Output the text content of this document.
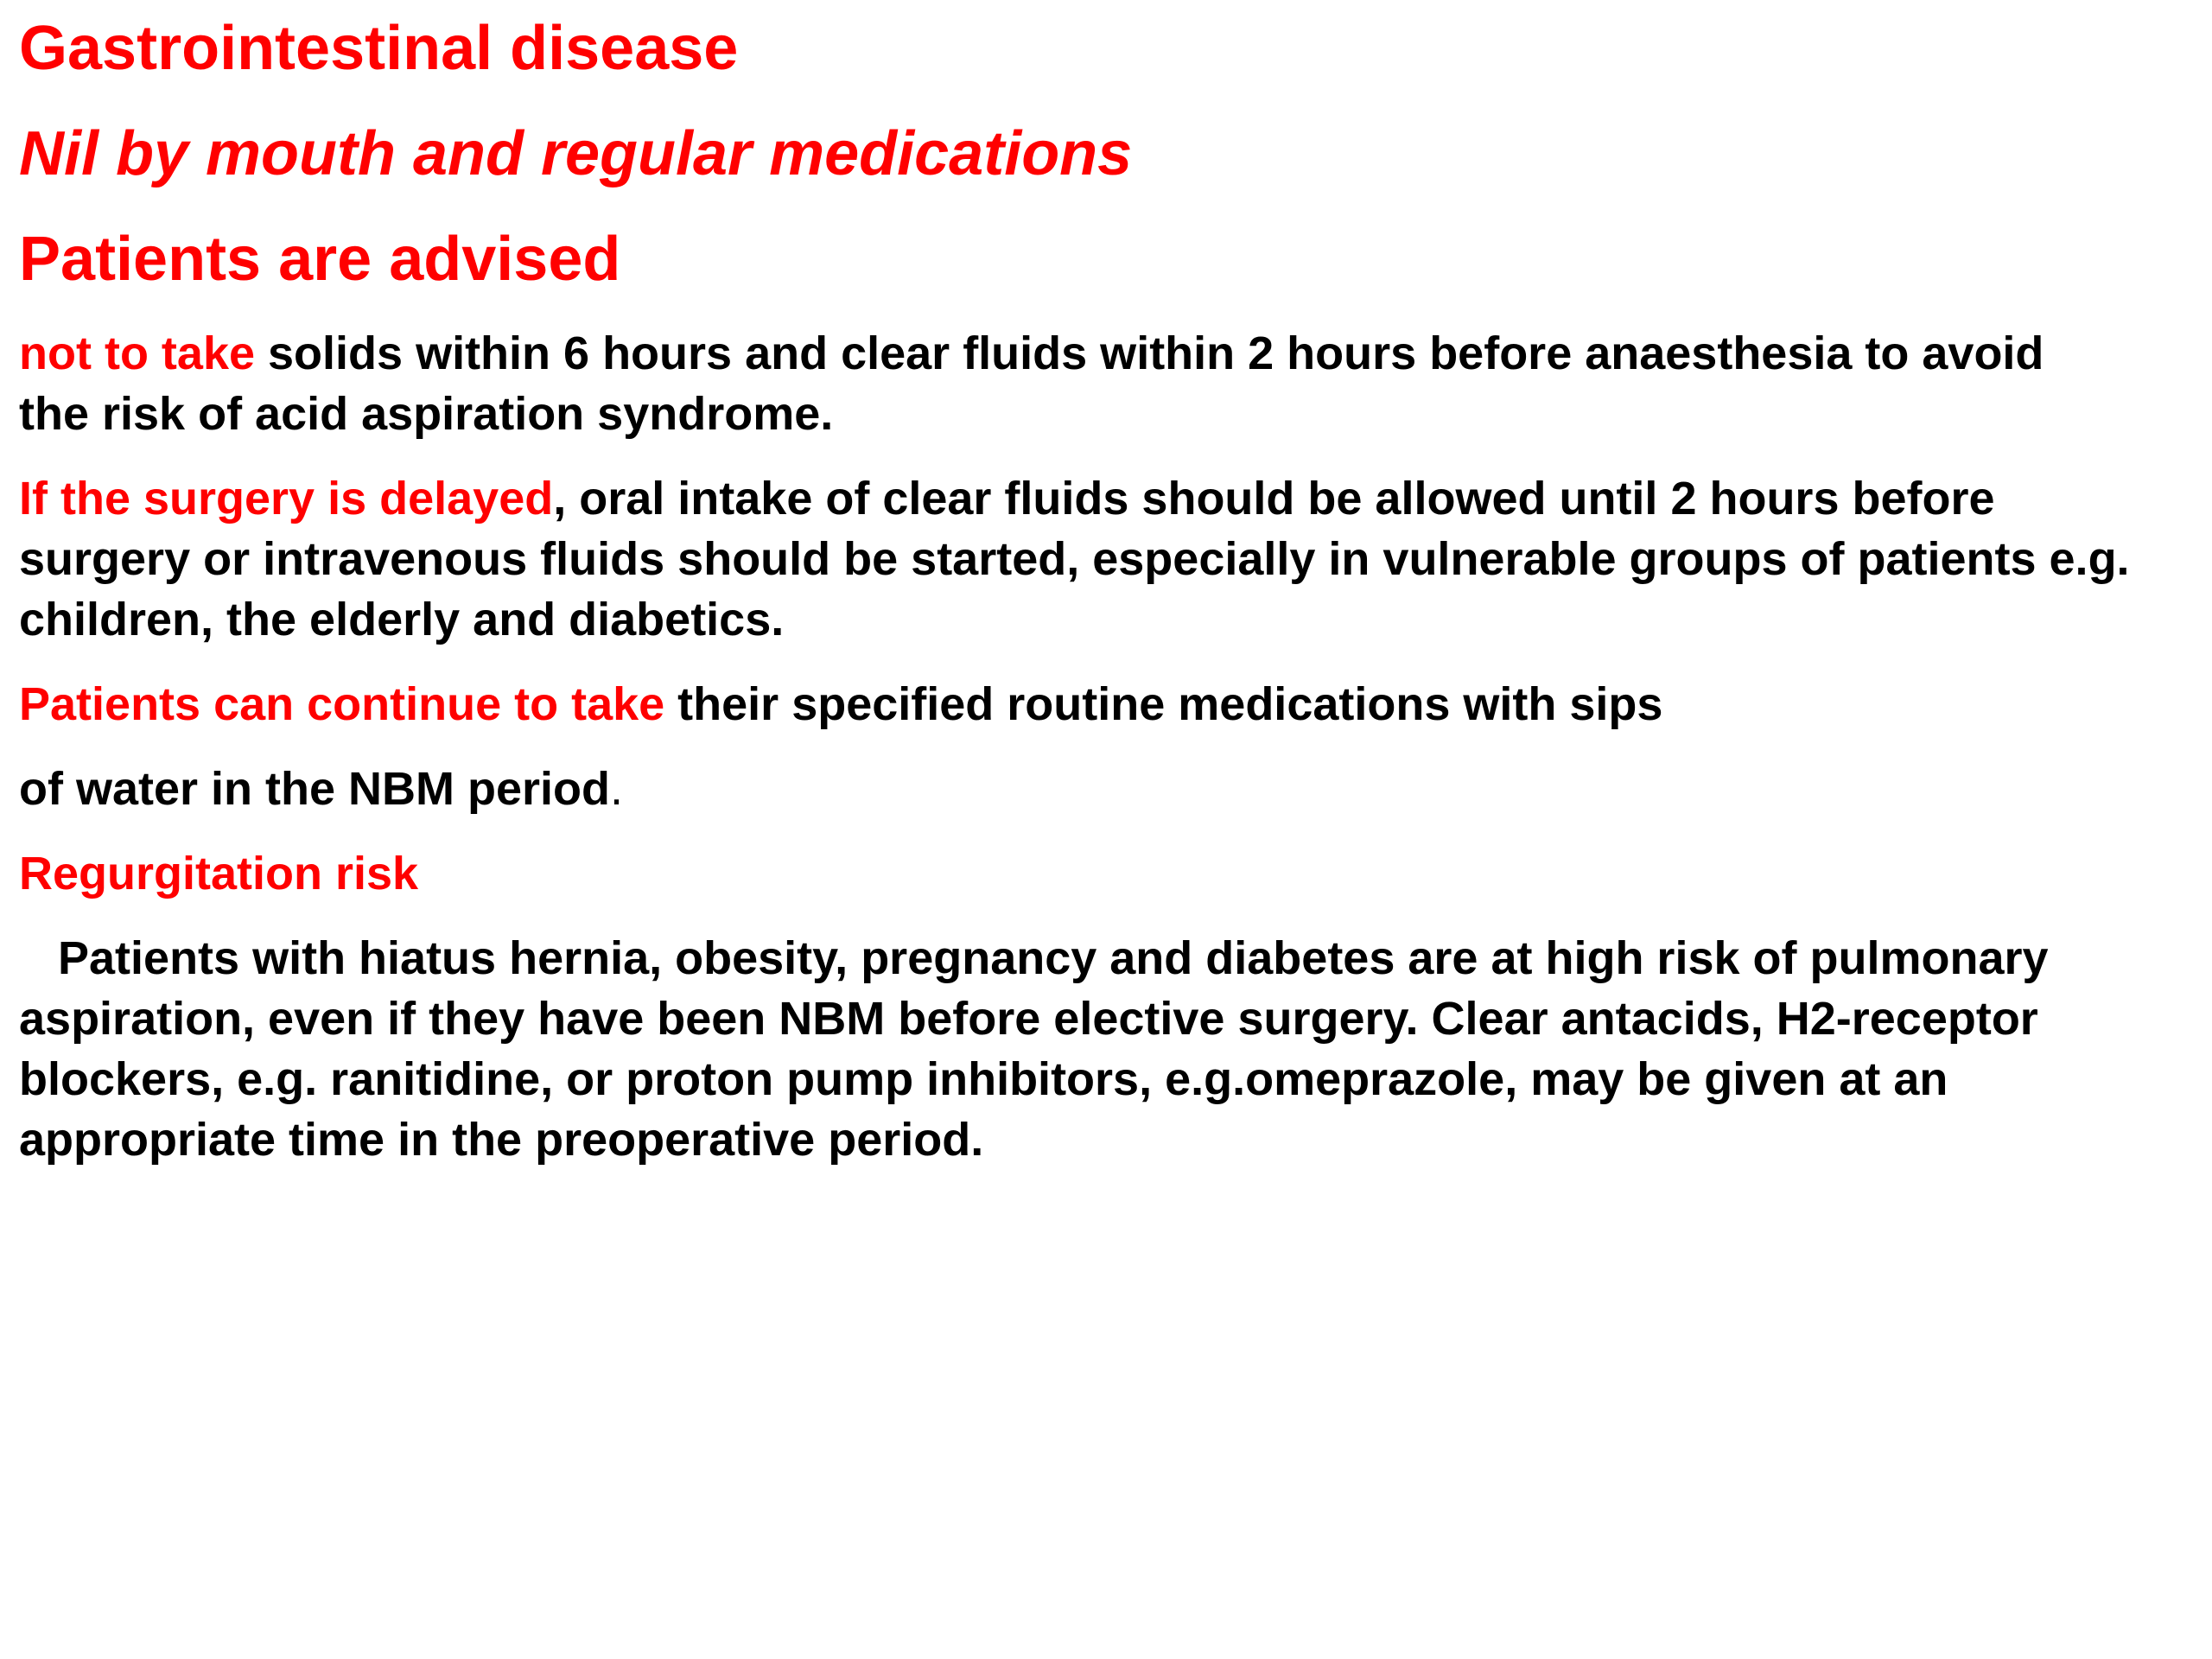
Gastrointestinal disease
Nil by mouth and regular medications
Patients are advised
not to take solids within 6 hours and clear fluids within 2 hours before anaesthesia to avoid
the risk of acid aspiration syndrome.
If the surgery is delayed, oral intake of clear fluids should be allowed until 2 hours before
surgery or intravenous fluids should be started, especially in vulnerable groups of patients e.g.
children, the elderly and diabetics.
Patients can continue to take their specified routine medications with sips
of water in the NBM period.
Regurgitation risk
Patients with hiatus hernia, obesity, pregnancy and diabetes are at high risk of pulmonary
aspiration, even if they have been NBM before elective surgery. Clear antacids, H2-receptor
blockers, e.g. ranitidine, or proton pump inhibitors, e.g.omeprazole, may be given at an
appropriate time in the preoperative period.
